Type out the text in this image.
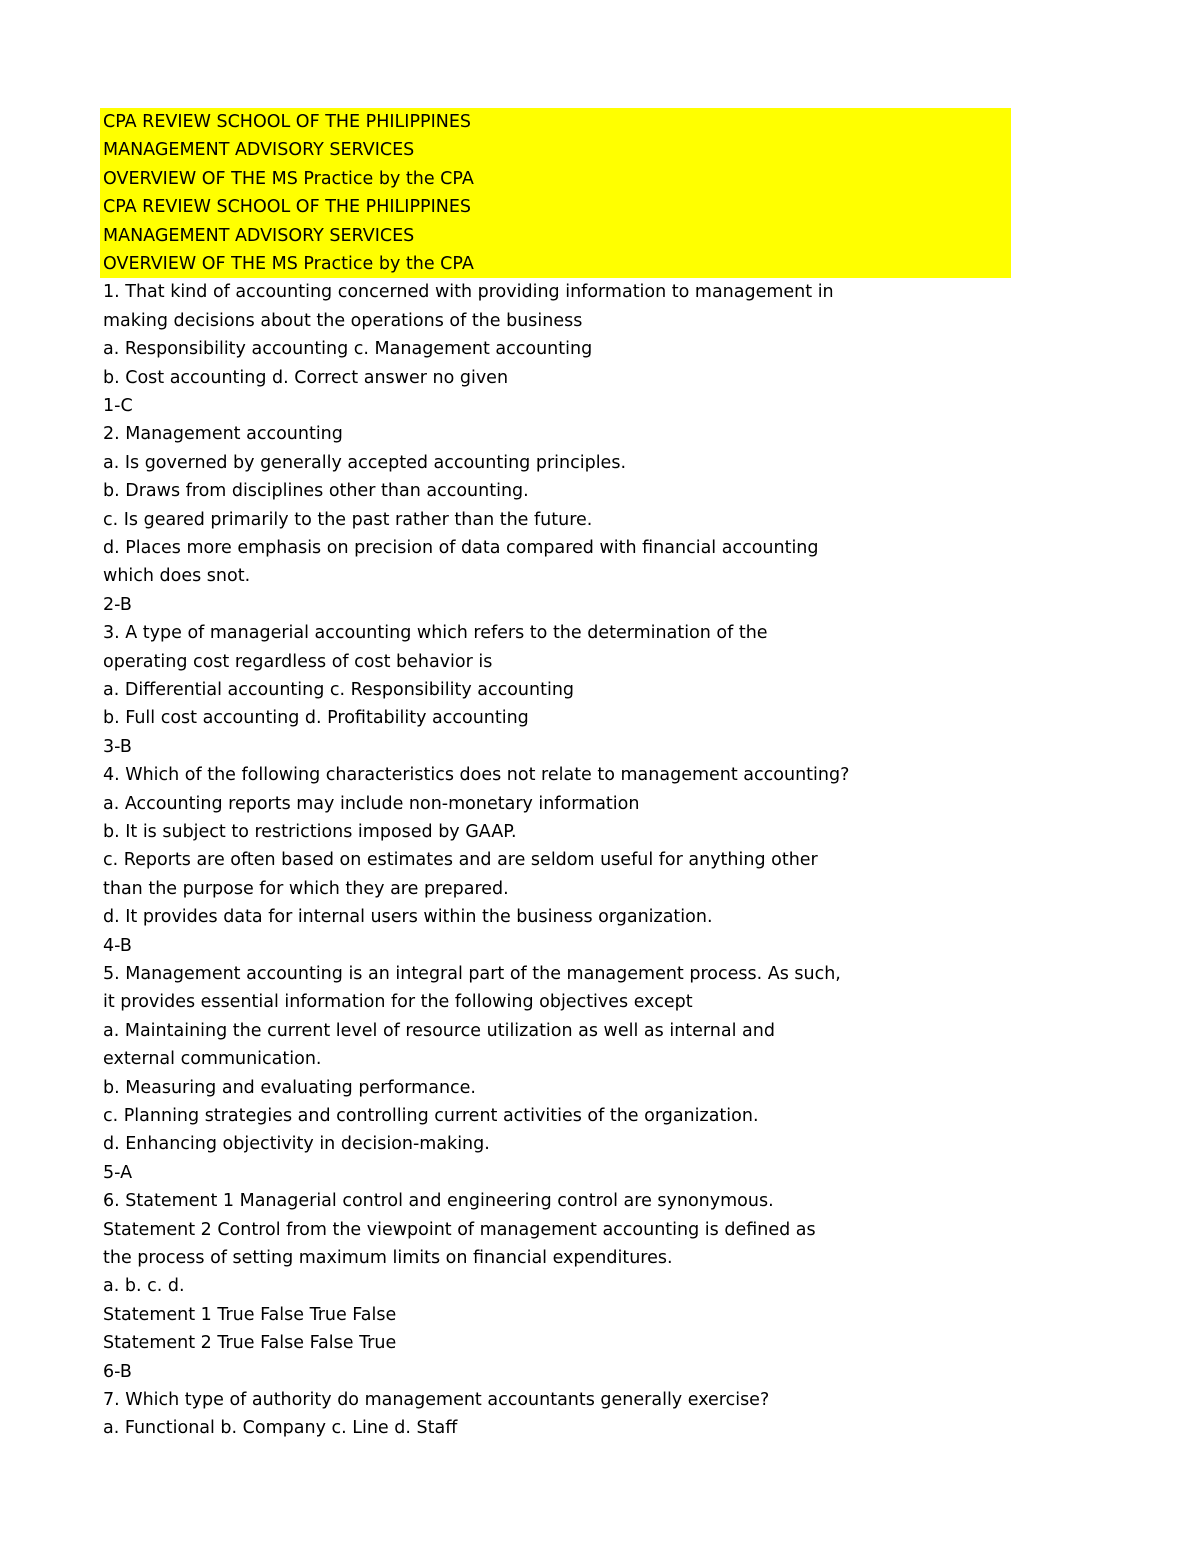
CPA REVIEW SCHOOL OF THE PHILIPPINES
MANAGEMENT ADVISORY SERVICES
OVERVIEW OF THE MS Practice by the CPA
CPA REVIEW SCHOOL OF THE PHILIPPINES
MANAGEMENT ADVISORY SERVICES
OVERVIEW OF THE MS Practice by the CPA
1. That kind of accounting concerned with providing information to management in
making decisions about the operations of the business
a. Responsibility accounting c. Management accounting
b. Cost accounting d. Correct answer no given
1-C
2. Management accounting
a. Is governed by generally accepted accounting principles.
b. Draws from disciplines other than accounting.
c. Is geared primarily to the past rather than the future.
d. Places more emphasis on precision of data compared with financial accounting
which does snot.
2-B
3. A type of managerial accounting which refers to the determination of the
operating cost regardless of cost behavior is
a. Differential accounting c. Responsibility accounting
b. Full cost accounting d. Profitability accounting
3-B
4. Which of the following characteristics does not relate to management accounting?
a. Accounting reports may include non-monetary information
b. It is subject to restrictions imposed by GAAP.
c. Reports are often based on estimates and are seldom useful for anything other
than the purpose for which they are prepared.
d. It provides data for internal users within the business organization.
4-B
5. Management accounting is an integral part of the management process. As such,
it provides essential information for the following objectives except
a. Maintaining the current level of resource utilization as well as internal and
external communication.
b. Measuring and evaluating performance.
c. Planning strategies and controlling current activities of the organization.
d. Enhancing objectivity in decision-making.
5-A
6. Statement 1 Managerial control and engineering control are synonymous.
Statement 2 Control from the viewpoint of management accounting is defined as
the process of setting maximum limits on financial expenditures.
a. b. c. d.
Statement 1 True False True False
Statement 2 True False False True
6-B
7. Which type of authority do management accountants generally exercise?
a. Functional b. Company c. Line d. Staff
